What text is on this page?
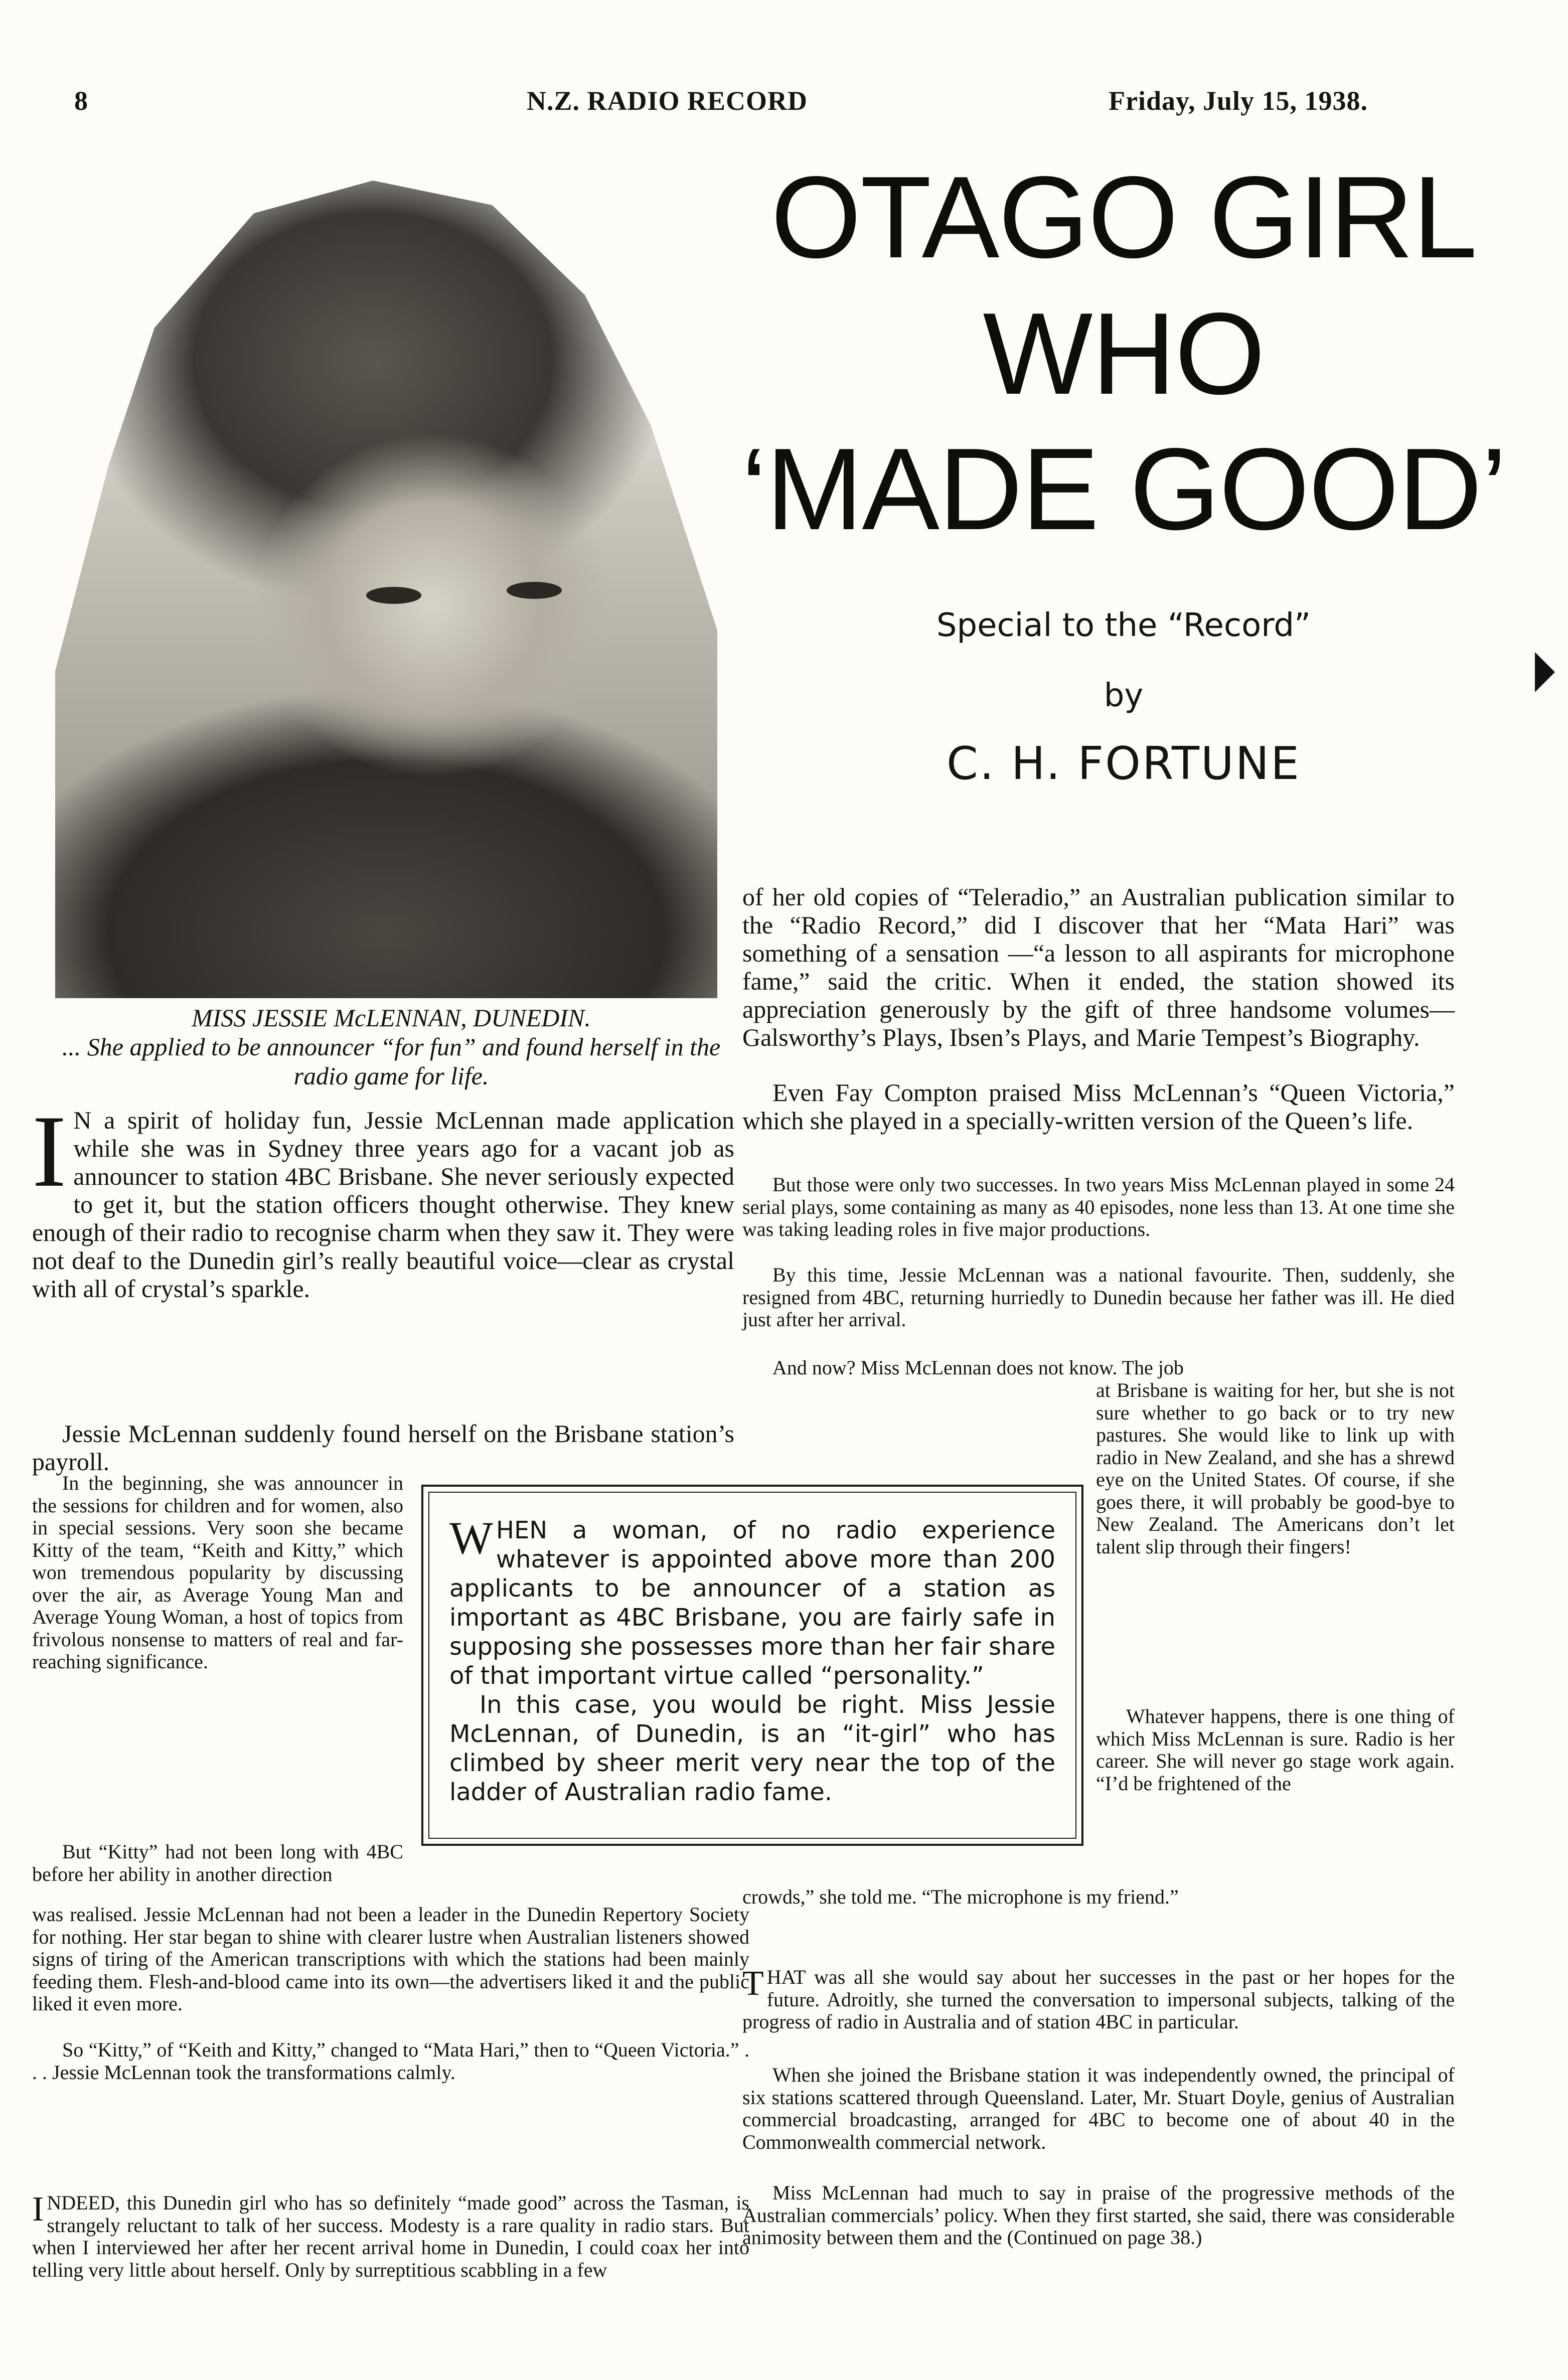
8	N.Z. RADIO RECORD	Friday, July 15, 1938.
OTAGO GIRL
WHO
‘MADE GOOD’
Special to the “Record”
by
C. H. FORTUNE
MISS JESSIE McLENNAN, DUNEDIN.
... She applied to be announcer “for fun” and found herself in the radio game for life.
I N a spirit of holiday fun, Jessie McLennan made application while she was in Sydney three years ago for a vacant job as announcer to station 4BC Brisbane. She never seriously expected to get it, but the station officers thought otherwise. They knew enough of their radio to recognise charm when they saw it. They were not deaf to the Dunedin girl’s really beautiful voice—clear as crystal with all of crystal’s sparkle.
Jessie McLennan suddenly found herself on the Brisbane station’s payroll.
In the beginning, she was announcer in the sessions for children and for women, also in special sessions. Very soon she became Kitty of the team, “Keith and Kitty,” which won tremendous popularity by discussing over the air, as Average Young Man and Average Young Woman, a host of topics from frivolous nonsense to matters of real and far-reaching significance.
But “Kitty” had not been long with 4BC before her ability in another direction

WHEN a woman, of no radio experience whatever is appointed above more than 200 applicants to be announcer of a station as important as 4BC Brisbane, you are fairly safe in supposing she possesses more than her fair share of that important virtue called “personality.”

In this case, you would be right. Miss Jessie McLennan, of Dunedin, is an “it-girl” who has climbed by sheer merit very near the top of the ladder of Australian radio fame.

was realised. Jessie McLennan had not been a leader in the Dunedin Repertory Society for nothing. Her star began to shine with clearer lustre when Australian listeners showed signs of tiring of the American transcriptions with which the stations had been mainly feeding them. Flesh-and-blood came into its own—the advertisers liked it and the public liked it even more.
So “Kitty,” of “Keith and Kitty,” changed to “Mata Hari,” then to “Queen Victoria.” . . . Jessie McLennan took the transformations calmly.
INDEED, this Dunedin girl who has so definitely “made good” across the Tasman, is strangely reluctant to talk of her success. Modesty is a rare quality in radio stars. But when I interviewed her after her recent arrival home in Dunedin, I could coax her into telling very little about herself. Only by surreptitious scabbling in a few
of her old copies of “Teleradio,” an Australian publication similar to the “Radio Record,” did I discover that her “Mata Hari” was something of a sensation —“a lesson to all aspirants for microphone fame,” said the critic. When it ended, the station showed its appreciation generously by the gift of three handsome volumes—Galsworthy’s Plays, Ibsen’s Plays, and Marie Tempest’s Biography.
Even Fay Compton praised Miss McLennan’s “Queen Victoria,” which she played in a specially-written version of the Queen’s life.
But those were only two successes. In two years Miss McLennan played in some 24 serial plays, some containing as many as 40 episodes, none less than 13. At one time she was taking leading roles in five major productions.
By this time, Jessie McLennan was a national favourite. Then, suddenly, she resigned from 4BC, returning hurriedly to Dunedin because her father was ill. He died just after her arrival.
And now? Miss McLennan does not know. The job
at Brisbane is waiting for her, but she is not sure whether to go back or to try new pastures. She would like to link up with radio in New Zealand, and she has a shrewd eye on the United States. Of course, if she goes there, it will probably be good-bye to New Zealand. The Americans don’t let talent slip through their fingers!
Whatever happens, there is one thing of which Miss McLennan is sure. Radio is her career. She will never go stage work again. “I’d be frightened of the
crowds,” she told me. “The microphone is my friend.”
THAT was all she would say about her successes in the past or her hopes for the future. Adroitly, she turned the conversation to impersonal subjects, talking of the progress of radio in Australia and of station 4BC in particular.
When she joined the Brisbane station it was independently owned, the principal of six stations scattered through Queensland. Later, Mr. Stuart Doyle, genius of Australian commercial broadcasting, arranged for 4BC to become one of about 40 in the Commonwealth commercial network.
Miss McLennan had much to say in praise of the progressive methods of the Australian commercials’ policy. When they first started, she said, there was considerable animosity between them and the (Continued on page 38.)
